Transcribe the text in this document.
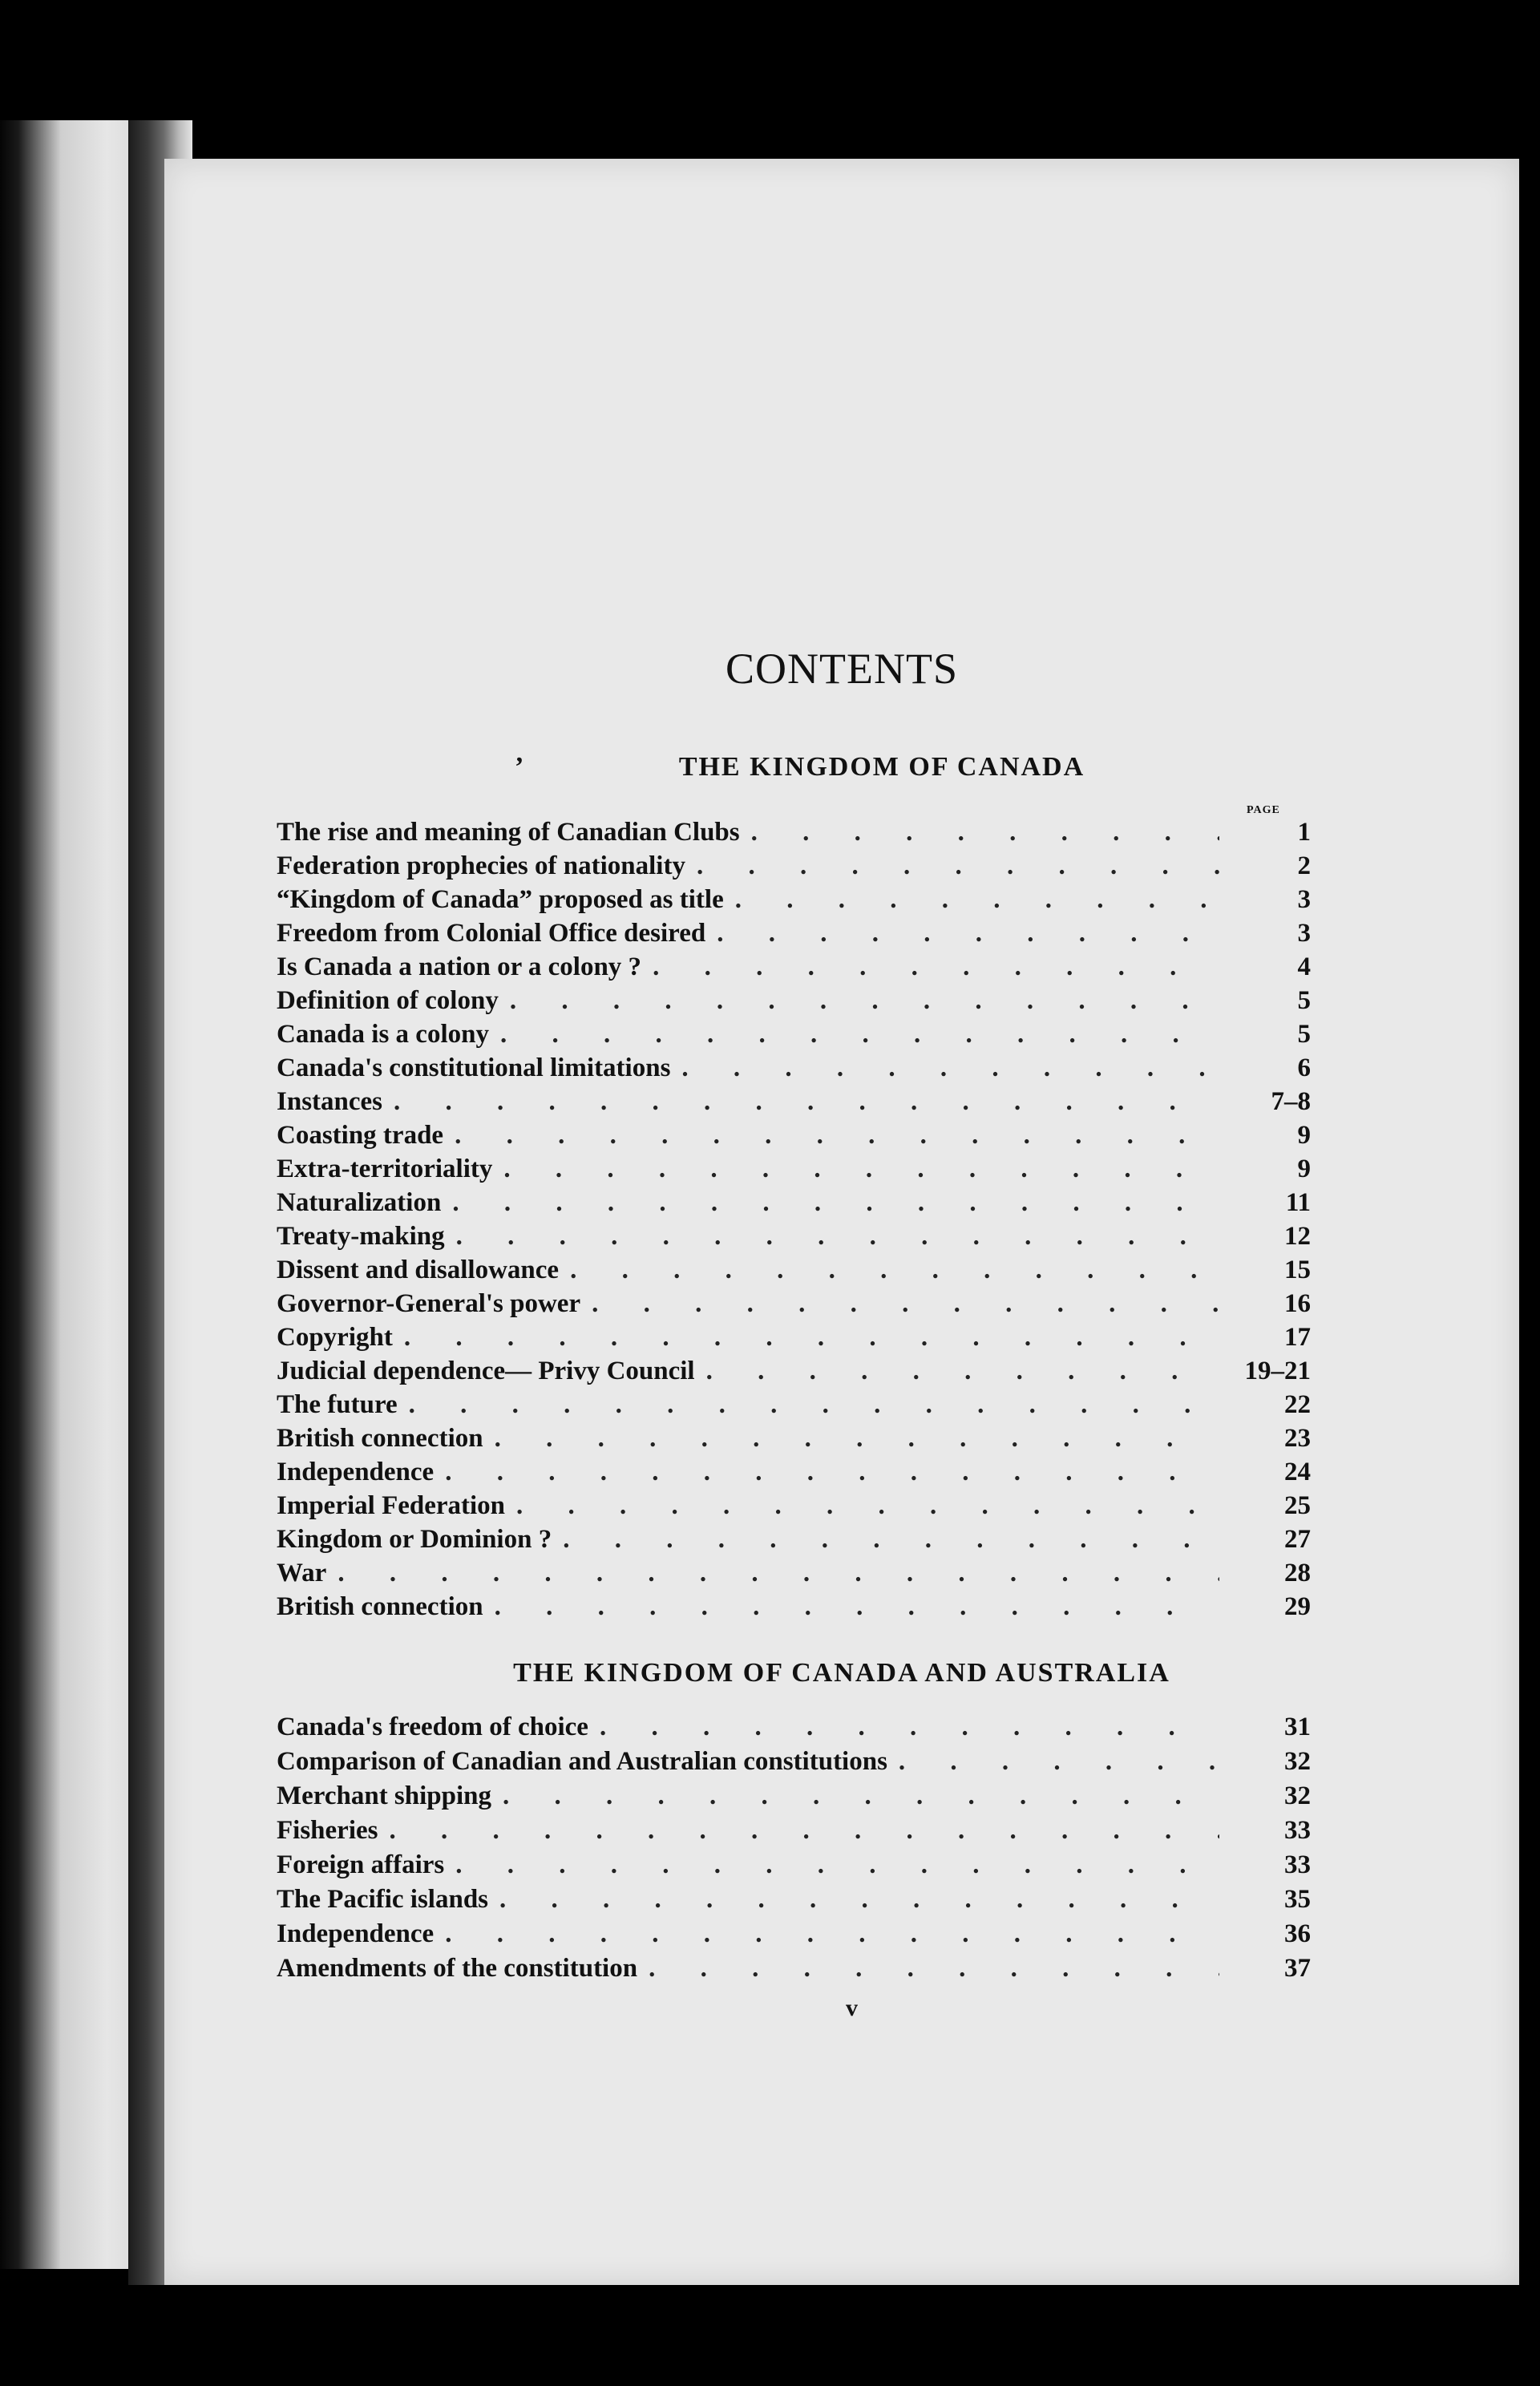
CONTENTS
’	THE KINGDOM OF CANADA
PAGE
The rise and meaning of Canadian Clubs . . .	1
Federation prophecies of nationality . . .	2
“Kingdom of Canada” proposed as title . . .	3
Freedom from Colonial Office desired . . .	3
Is Canada a nation or a colony ? . . .	4
Definition of colony . . .	5
Canada is a colony . . .	5
Canada's constitutional limitations . . .	6
Instances . . .	7–8
Coasting trade . . .	9
Extra-territoriality . . .	9
Naturalization . . .	11
Treaty-making . . .	12
Dissent and disallowance . . .	15
Governor-General's power . . .	16
Copyright . . .	17
Judicial dependence— Privy Council . . .	19–21
The future . . .	22
British connection . . .	23
Independence . . .	24
Imperial Federation . . .	25
Kingdom or Dominion ? . . .	27
War . . .	28
British connection . . .	29
THE KINGDOM OF CANADA AND AUSTRALIA
Canada's freedom of choice . . .	31
Comparison of Canadian and Australian constitutions . . .	32
Merchant shipping . . .	32
Fisheries . . .	33
Foreign affairs . . .	33
The Pacific islands . . .	35
Independence . . .	36
Amendments of the constitution . . .	37
v
